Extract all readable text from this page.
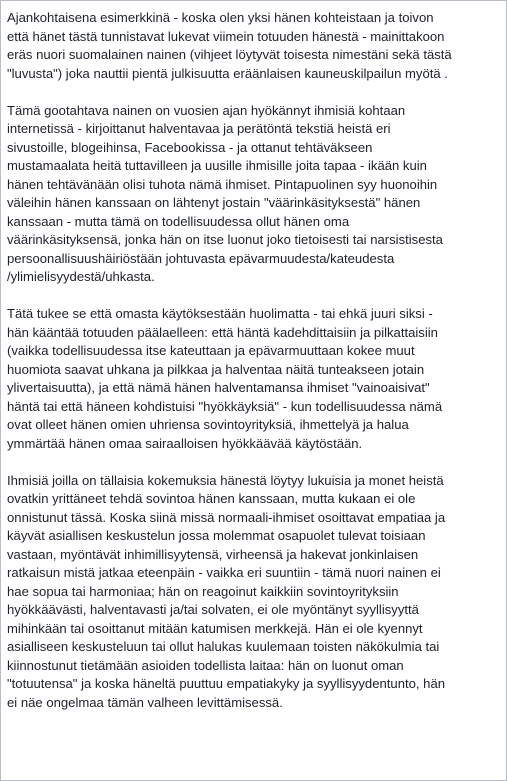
Ajankohtaisena esimerkkinä - koska olen yksi hänen kohteistaan ja toivon
että hänet tästä tunnistavat lukevat viimein totuuden hänestä - mainittakoon
eräs nuori suomalainen nainen (vihjeet löytyvät toisesta nimestäni sekä tästä
"luvusta") joka nauttii pientä julkisuutta eräänlaisen kauneuskilpailun myötä .

Tämä gootahtava nainen on vuosien ajan hyökännyt ihmisiä kohtaan
internetissä - kirjoittanut halventavaa ja perätöntä tekstiä heistä eri
sivustoille, blogeihinsa, Facebookissa - ja ottanut tehtäväkseen
mustamaalata heitä tuttavilleen ja uusille ihmisille joita tapaa - ikään kuin
hänen tehtävänään olisi tuhota nämä ihmiset. Pintapuolinen syy huonoihin
väleihin hänen kanssaan on lähtenyt jostain "väärinkäsityksestä" hänen
kanssaan - mutta tämä on todellisuudessa ollut hänen oma
väärinkäsityksensä, jonka hän on itse luonut joko tietoisesti tai narsistisesta
persoonallisuushäiriöstään johtuvasta epävarmuudesta/kateudesta
/ylimielisyydestä/uhkasta.

Tätä tukee se että omasta käytöksestään huolimatta - tai ehkä juuri siksi -
hän kääntää totuuden päälaelleen: että häntä kadehdittaisiin ja pilkattaisiin
(vaikka todellisuudessa itse kateuttaan ja epävarmuuttaan kokee muut
huomiota saavat uhkana ja pilkkaa ja halventaa näitä tunteakseen jotain
ylivertaisuutta), ja että nämä hänen halventamansa ihmiset "vainoaisivat"
häntä tai että häneen kohdistuisi "hyökkäyksiä" - kun todellisuudessa nämä
ovat olleet hänen omien uhriensa sovintoyrityksiä, ihmettelyä ja halua
ymmärtää hänen omaa sairaalloisen hyökkäävää käytöstään.

Ihmisiä joilla on tällaisia kokemuksia hänestä löytyy lukuisia ja monet heistä
ovatkin yrittäneet tehdä sovintoa hänen kanssaan, mutta kukaan ei ole
onnistunut tässä. Koska siinä missä normaali-ihmiset osoittavat empatiaa ja
käyvät asiallisen keskustelun jossa molemmat osapuolet tulevat toisiaan
vastaan, myöntävät inhimillisyytensä, virheensä ja hakevat jonkinlaisen
ratkaisun mistä jatkaa eteenpäin - vaikka eri suuntiin - tämä nuori nainen ei
hae sopua tai harmoniaa; hän on reagoinut kaikkiin sovintoyrityksiin
hyökkäävästi, halventavasti ja/tai solvaten, ei ole myöntänyt syyllisyyttä
mihinkään tai osoittanut mitään katumisen merkkejä. Hän ei ole kyennyt
asialliseen keskusteluun tai ollut halukas kuulemaan toisten näkökulmia tai
kiinnostunut tietämään asioiden todellista laitaa: hän on luonut oman
"totuutensa" ja koska häneltä puuttuu empatiakyky ja syyllisyydentunto, hän
ei näe ongelmaa tämän valheen levittämisessä.
